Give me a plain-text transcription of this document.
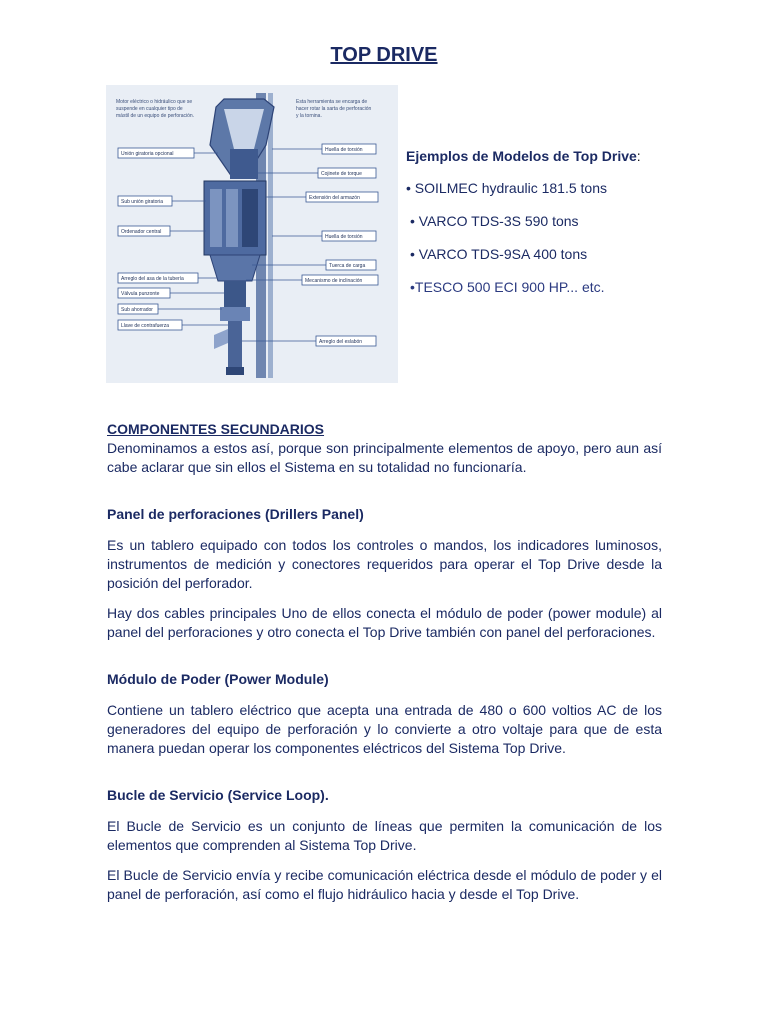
TOP DRIVE
Motor eléctrico o hidráulico que se
suspende en cualquier tipo de
mástil de un equipo de perforación.
Esta herramienta se encarga de
hacer rotar la sarta de perforación
y la tornina.
Unión giratoria opcional
Sub unión giratoria
Ordenador central
Arreglo del asa de la tubería
Válvula punzonte
Sub ahorrador
Llave de contrafuerza
Huella de torsión
Cojinete de torque
Extensión del armazón
Huella de torsión
Tuerca de carga
Mecanismo de inclinación
Arreglo del eslabón
Ejemplos de Modelos de Top Drive:
• SOILMEC hydraulic 181.5 tons
• VARCO TDS-3S 590 tons
• VARCO TDS-9SA 400 tons
•TESCO 500 ECI 900 HP... etc.
COMPONENTES SECUNDARIOS

Denominamos a estos así, porque son principalmente elementos de apoyo, pero aun así cabe aclarar que sin ellos el Sistema en su totalidad no funcionaría.

Panel de perforaciones (Drillers Panel)

Es un tablero equipado con todos los controles o mandos, los indicadores luminosos, instrumentos de medición y conectores requeridos para operar el Top Drive desde la posición del perforador.

Hay dos cables principales Uno de ellos conecta el módulo de poder (power module) al panel del perforaciones y otro conecta el Top Drive también con panel del perforaciones.

Módulo de Poder (Power Module)

Contiene un tablero eléctrico que acepta una entrada de 480 o 600 voltios AC de los generadores del equipo de perforación y lo convierte a otro voltaje para que de esta manera puedan operar los componentes eléctricos del Sistema Top Drive.

Bucle de Servicio (Service Loop).

El Bucle de Servicio es un conjunto de líneas que permiten la comunicación de los elementos que comprenden al Sistema Top Drive.

El Bucle de Servicio envía y recibe comunicación eléctrica desde el módulo de poder y el panel de perforación, así como el flujo hidráulico hacia y desde el Top Drive.
